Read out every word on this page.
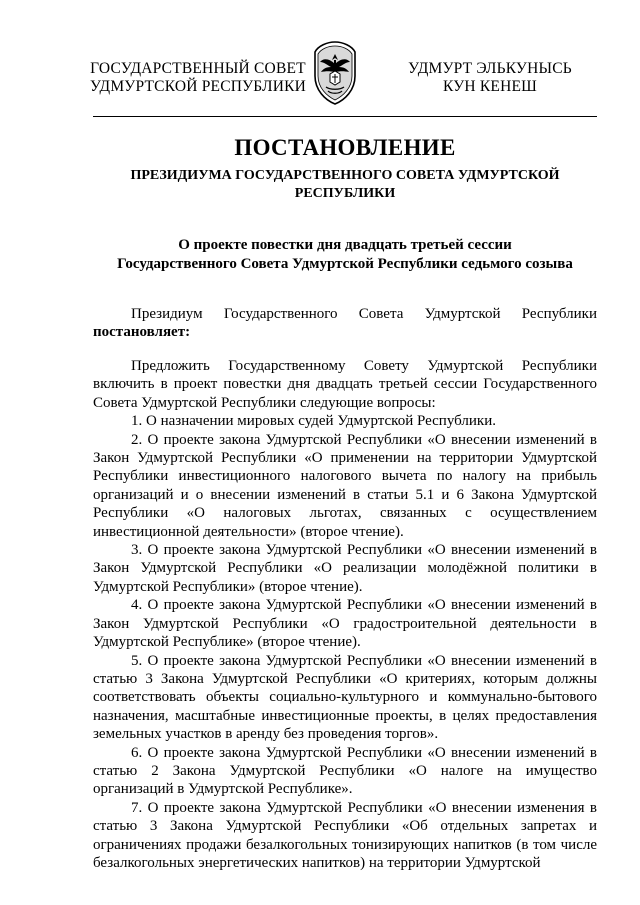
ГОСУДАРСТВЕННЫЙ СОВЕТ
УДМУРТСКОЙ РЕСПУБЛИКИ
УДМУРТ ЭЛЬКУНЫСЬ
КУН КЕНЕШ
ПОСТАНОВЛЕНИЕ
ПРЕЗИДИУМА ГОСУДАРСТВЕННОГО СОВЕТА УДМУРТСКОЙ РЕСПУБЛИКИ
О проекте повестки дня двадцать третьей сессии
Государственного Совета Удмуртской Республики седьмого созыва
Президиум Государственного Совета Удмуртской Республики
постановляет:

Предложить Государственному Совету Удмуртской Республики включить в проект повестки дня двадцать третьей сессии Государственного Совета Удмуртской Республики следующие вопросы:

1. О назначении мировых судей Удмуртской Республики.

2. О проекте закона Удмуртской Республики «О внесении изменений в Закон Удмуртской Республики «О применении на территории Удмуртской Республики инвестиционного налогового вычета по налогу на прибыль организаций и о внесении изменений в статьи 5.1 и 6 Закона Удмуртской Республики «О налоговых льготах, связанных с осуществлением инвестиционной деятельности» (второе чтение).

3. О проекте закона Удмуртской Республики «О внесении изменений в Закон Удмуртской Республики «О реализации молодёжной политики в Удмуртской Республики» (второе чтение).

4. О проекте закона Удмуртской Республики «О внесении изменений в Закон Удмуртской Республики «О градостроительной деятельности в Удмуртской Республике» (второе чтение).

5. О проекте закона Удмуртской Республики «О внесении изменений в статью 3 Закона Удмуртской Республики «О критериях, которым должны соответствовать объекты социально-культурного и коммунально-бытового назначения, масштабные инвестиционные проекты, в целях предоставления земельных участков в аренду без проведения торгов».

6. О проекте закона Удмуртской Республики «О внесении изменений в статью 2 Закона Удмуртской Республики «О налоге на имущество организаций в Удмуртской Республике».

7. О проекте закона Удмуртской Республики «О внесении изменения в статью 3 Закона Удмуртской Республики «Об отдельных запретах и ограничениях продажи безалкогольных тонизирующих напитков (в том числе безалкогольных энергетических напитков) на территории Удмуртской
